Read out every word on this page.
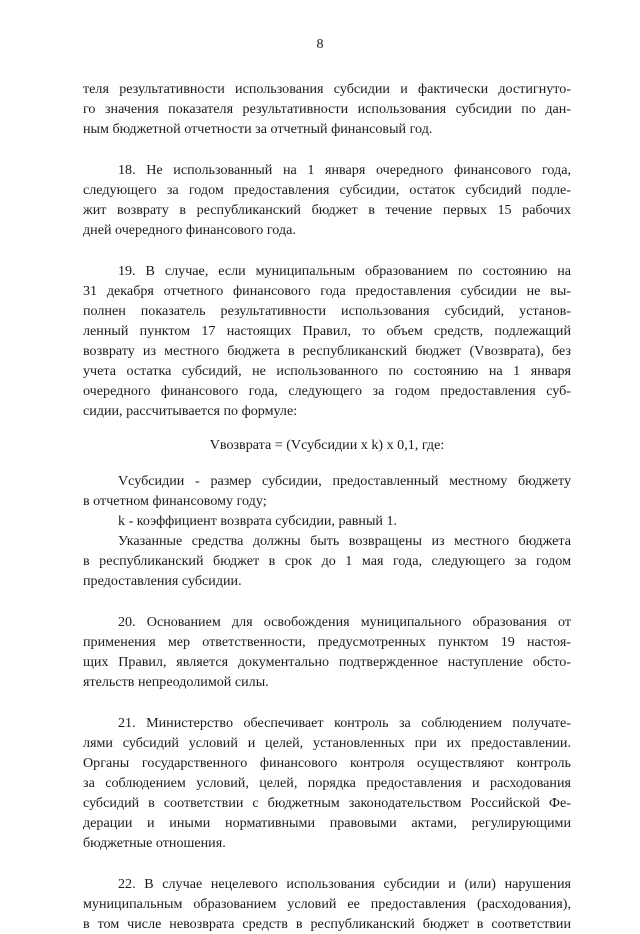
8
теля результативности использования субсидии и фактически достигнуто-
го значения показателя результативности использования субсидии по дан-
ным бюджетной отчетности за отчетный финансовый год.
18. Не использованный на 1 января очередного финансового года,
следующего за годом предоставления субсидии, остаток субсидий подле-
жит возврату в республиканский бюджет в течение первых 15 рабочих
дней очередного финансового года.
19. В случае, если муниципальным образованием по состоянию на
31 декабря отчетного финансового года предоставления субсидии не вы-
полнен показатель результативности использования субсидий, установ-
ленный пунктом 17 настоящих Правил, то объем средств, подлежащий
возврату из местного бюджета в республиканский бюджет (Vвозврата), без
учета остатка субсидий, не использованного по состоянию на 1 января
очередного финансового года, следующего за годом предоставления суб-
сидии, рассчитывается по формуле:
Vвозврата = (Vсубсидии x k) x 0,1, где:
Vсубсидии - размер субсидии, предоставленный местному бюджету
в отчетном финансовому году;
k - коэффициент возврата субсидии, равный 1.
Указанные средства должны быть возвращены из местного бюджета
в республиканский бюджет в срок до 1 мая года, следующего за годом
предоставления субсидии.
20. Основанием для освобождения муниципального образования от
применения мер ответственности, предусмотренных пунктом 19 настоя-
щих Правил, является документально подтвержденное наступление обсто-
ятельств непреодолимой силы.
21. Министерство обеспечивает контроль за соблюдением получате-
лями субсидий условий и целей, установленных при их предоставлении.
Органы государственного финансового контроля осуществляют контроль
за соблюдением условий, целей, порядка предоставления и расходования
субсидий в соответствии с бюджетным законодательством Российской Фе-
дерации и иными нормативными правовыми актами, регулирующими
бюджетные отношения.
22. В случае нецелевого использования субсидии и (или) нарушения
муниципальным образованием условий ее предоставления (расходования),
в том числе невозврата средств в республиканский бюджет в соответствии
